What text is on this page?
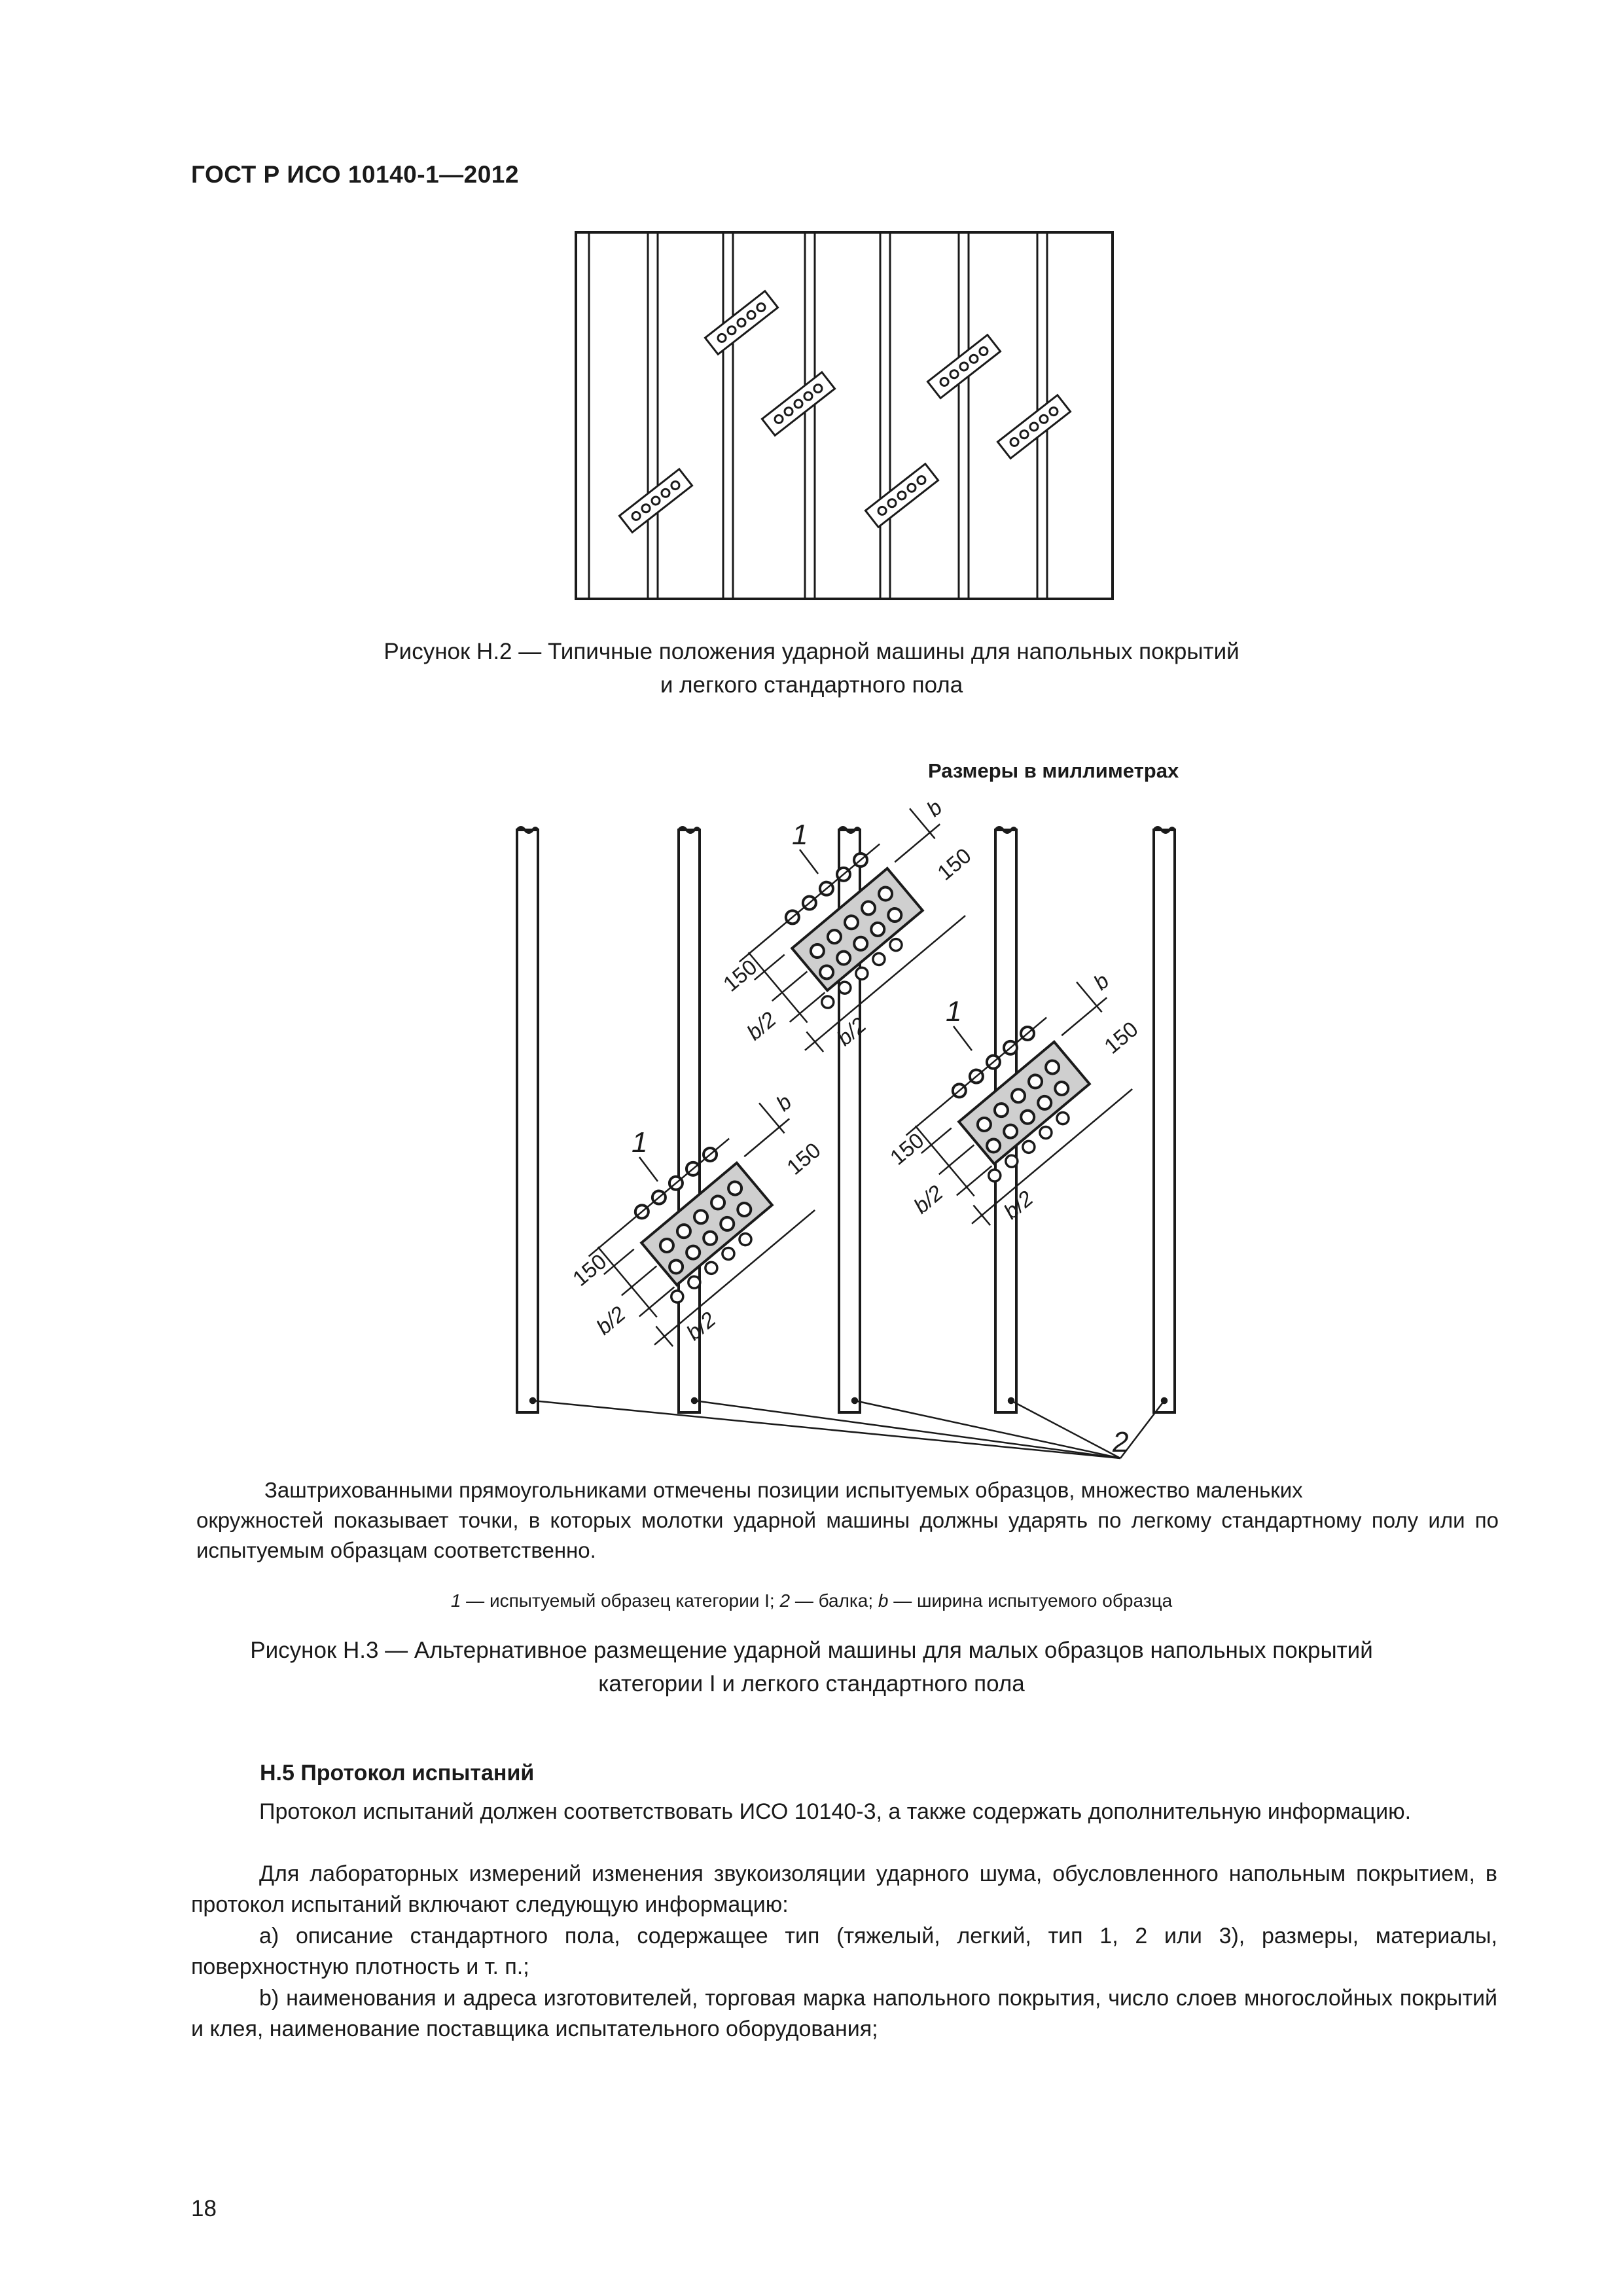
ГОСТ Р ИСО 10140-1—2012
Рисунок Н.2 — Типичные положения ударной машины для напольных покрытий
и легкого стандартного пола
Размеры в миллиметрах
150
150
b
b/2 b/2
150
150
b
b/2 b/2
150
150
b
b/2 b/2
2
1
1
1
Заштрихованными прямоугольниками отмечены позиции испытуемых образцов, множество маленьких
окружностей показывает точки, в которых молотки ударной машины должны ударять по легкому стандартному полу или по испытуемым образцам соответственно.
1 — испытуемый образец категории I; 2 — балка; b — ширина испытуемого образца
Рисунок Н.3 — Альтернативное размещение ударной машины для малых образцов напольных покрытий
категории I и легкого стандартного пола
Н.5 Протокол испытаний
Протокол испытаний должен соответствовать ИСО 10140-3, а также содержать дополнительную информацию.
Для лабораторных измерений изменения звукоизоляции ударного шума, обусловленного напольным покрытием, в протокол испытаний включают следующую информацию:
а) описание стандартного пола, содержащее тип (тяжелый, легкий, тип 1, 2 или 3), размеры, материалы, поверхностную плотность и т. п.;
b) наименования и адреса изготовителей, торговая марка напольного покрытия, число слоев многослойных покрытий и клея, наименование поставщика испытательного оборудования;
18
